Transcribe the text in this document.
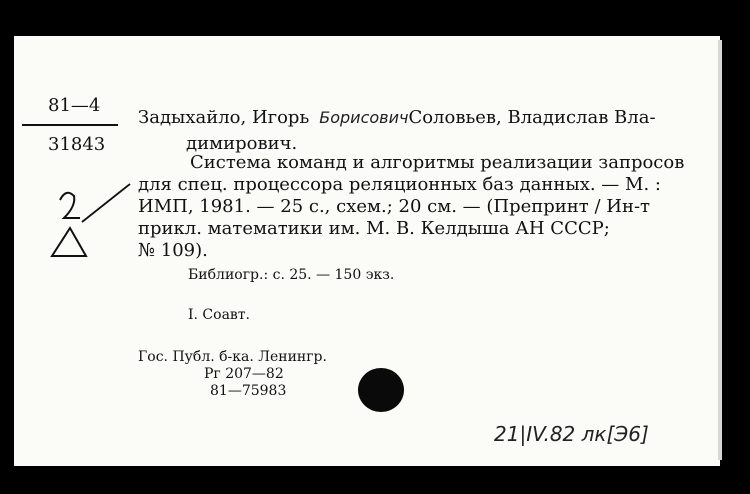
81—4
31843
Задыхайло, Игорь БорисовичСоловьев, Владислав Вла-
димирович.
Система команд и алгоритмы реализации запросов
для спец. процессора реляционных баз данных. — М. :
ИМП, 1981. — 25 с., схем.; 20 см. — (Препринт / Ин-т
прикл. математики им. М. В. Келдыша АН СССР;
№ 109).
Библиогр.: с. 25. — 150 экз.
I. Соавт.
Гос. Публ. б-ка. Ленингр.
Рг 207—82
81—75983
21|IV.82 лк[Э6]
